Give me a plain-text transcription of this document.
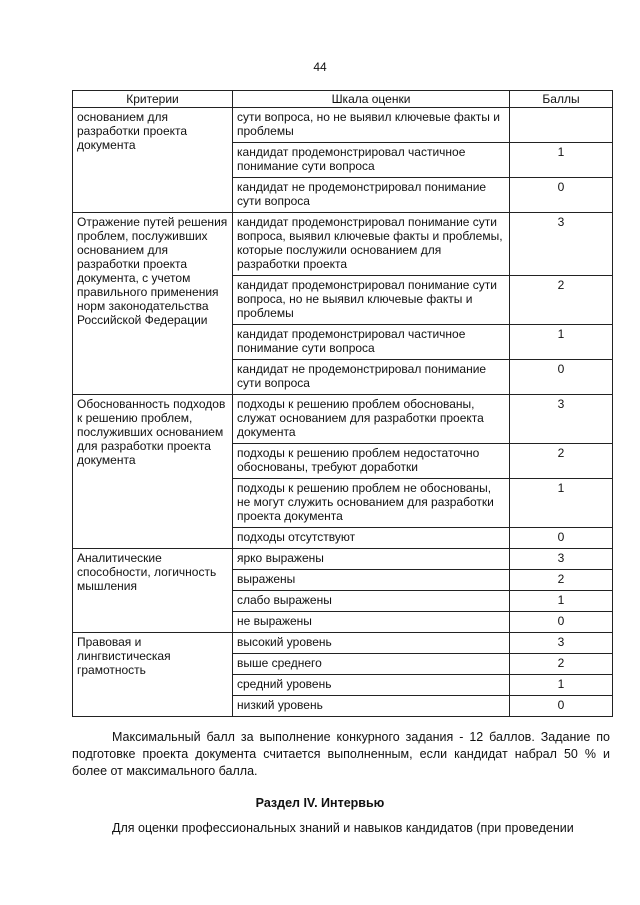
44
Критерии	Шкала оценки	Баллы
основанием для разработки проекта документа	сути вопроса, но не выявил ключевые факты и проблемы	
	кандидат продемонстрировал частичное понимание сути вопроса	1
	кандидат не продемонстрировал понимание сути вопроса	0
Отражение путей решения проблем, послуживших основанием для разработки проекта документа, с учетом правильного применения норм законодательства Российской Федерации	кандидат продемонстрировал понимание сути вопроса, выявил ключевые факты и проблемы, которые послужили основанием для разработки проекта	3
	кандидат продемонстрировал понимание сути вопроса, но не выявил ключевые факты и проблемы	2
	кандидат продемонстрировал частичное понимание сути вопроса	1
	кандидат не продемонстрировал понимание сути вопроса	0
Обоснованность подходов к решению проблем, послуживших основанием для разработки проекта документа	подходы к решению проблем обоснованы, служат основанием для разработки проекта документа	3
	подходы к решению проблем недостаточно обоснованы, требуют доработки	2
	подходы к решению проблем не обоснованы, не могут служить основанием для разработки проекта документа	1
	подходы отсутствуют	0
Аналитические способности, логичность мышления	ярко выражены	3
	выражены	2
	слабо выражены	1
	не выражены	0
Правовая и лингвистическая грамотность	высокий уровень	3
	выше среднего	2
	средний уровень	1
	низкий уровень	0

Максимальный балл за выполнение конкурного задания - 12 баллов. Задание по подготовке проекта документа считается выполненным, если кандидат набрал 50 % и более от максимального балла.

Раздел IV. Интервью

Для оценки профессиональных знаний и навыков кандидатов (при проведении
